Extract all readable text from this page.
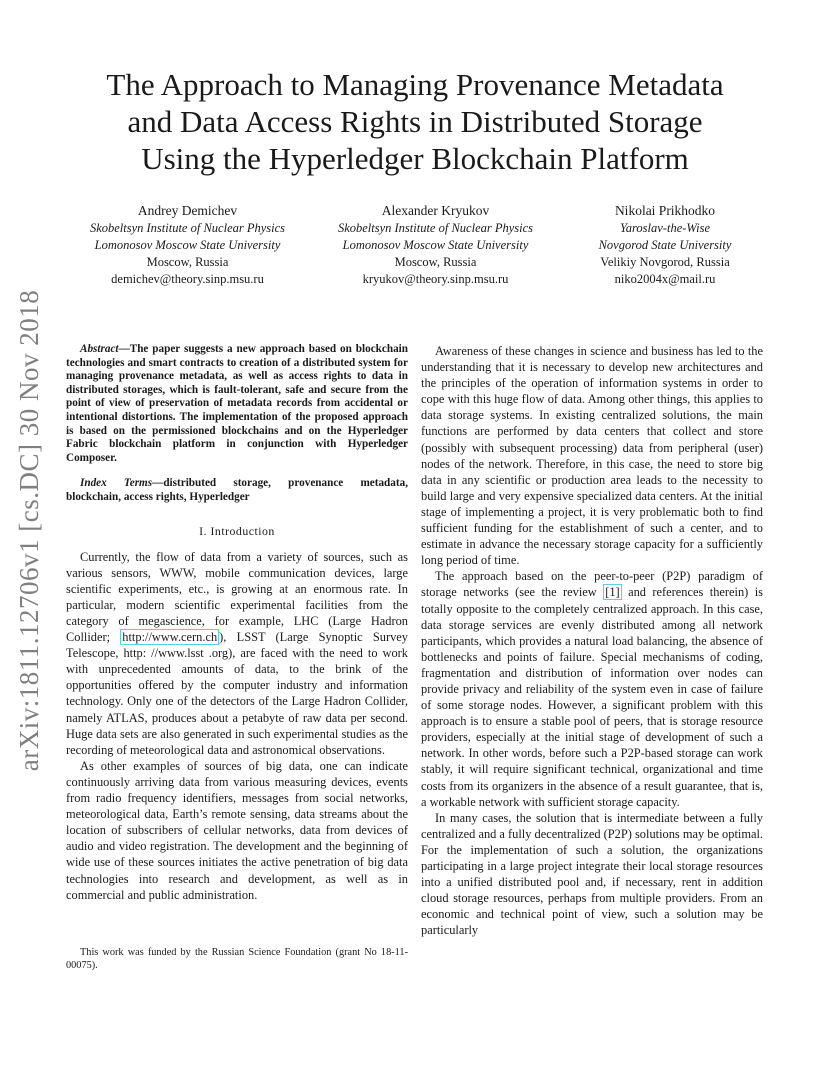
arXiv:1811.12706v1 [cs.DC] 30 Nov 2018
The Approach to Managing Provenance Metadata
and Data Access Rights in Distributed Storage
Using the Hyperledger Blockchain Platform
Andrey Demichev
Skobeltsyn Institute of Nuclear Physics
Lomonosov Moscow State University
Moscow, Russia
demichev@theory.sinp.msu.ru
Alexander Kryukov
Skobeltsyn Institute of Nuclear Physics
Lomonosov Moscow State University
Moscow, Russia
kryukov@theory.sinp.msu.ru
Nikolai Prikhodko
Yaroslav-the-Wise
Novgorod State University
Velikiy Novgorod, Russia
niko2004x@mail.ru

Abstract—The paper suggests a new approach based on blockchain technologies and smart contracts to creation of a distributed system for managing provenance metadata, as well as access rights to data in distributed storages, which is fault-tolerant, safe and secure from the point of view of preservation of metadata records from accidental or intentional distortions. The implementation of the proposed approach is based on the permissioned blockchains and on the Hyperledger Fabric blockchain platform in conjunction with Hyperledger Composer.

Index Terms—distributed storage, provenance metadata, blockchain, access rights, Hyperledger

I. Introduction

Currently, the flow of data from a variety of sources, such as various sensors, WWW, mobile communication devices, large scientific experiments, etc., is growing at an enormous rate. In particular, modern scientific experimental facilities from the category of megascience, for example, LHC (Large Hadron Collider; http://www.cern.ch ), LSST (Large Synoptic Survey Telescope, http: //www.lsst .org), are faced with the need to work with unprecedented amounts of data, to the brink of the opportunities offered by the computer industry and information technology. Only one of the detectors of the Large Hadron Collider, namely ATLAS, produces about a petabyte of raw data per second. Huge data sets are also generated in such experimental studies as the recording of meteorological data and astronomical observations.

As other examples of sources of big data, one can indicate continuously arriving data from various measuring devices, events from radio frequency identifiers, messages from social networks, meteorological data, Earth’s remote sensing, data streams about the location of subscribers of cellular networks, data from devices of audio and video registration. The development and the beginning of wide use of these sources initiates the active penetration of big data technologies into research and development, as well as in commercial and public administration.

This work was funded by the Russian Science Foundation (grant No 18-11-00075).

Awareness of these changes in science and business has led to the understanding that it is necessary to develop new architectures and the principles of the operation of information systems in order to cope with this huge flow of data. Among other things, this applies to data storage systems. In existing centralized solutions, the main functions are performed by data centers that collect and store (possibly with subsequent processing) data from peripheral (user) nodes of the network. Therefore, in this case, the need to store big data in any scientific or production area leads to the necessity to build large and very expensive specialized data centers. At the initial stage of implementing a project, it is very problematic both to find sufficient funding for the establishment of such a center, and to estimate in advance the necessary storage capacity for a sufficiently long period of time.

The approach based on the peer-to-peer (P2P) paradigm of storage networks (see the review [1] and references therein) is totally opposite to the completely centralized approach. In this case, data storage services are evenly distributed among all network participants, which provides a natural load balancing, the absence of bottlenecks and points of failure. Special mechanisms of coding, fragmentation and distribution of information over nodes can provide privacy and reliability of the system even in case of failure of some storage nodes. However, a significant problem with this approach is to ensure a stable pool of peers, that is storage resource providers, especially at the initial stage of development of such a network. In other words, before such a P2P-based storage can work stably, it will require significant technical, organizational and time costs from its organizers in the absence of a result guarantee, that is, a workable network with sufficient storage capacity.

In many cases, the solution that is intermediate between a fully centralized and a fully decentralized (P2P) solutions may be optimal. For the implementation of such a solution, the organizations participating in a large project integrate their local storage resources into a unified distributed pool and, if necessary, rent in addition cloud storage resources, perhaps from multiple providers. From an economic and technical point of view, such a solution may be particularly
